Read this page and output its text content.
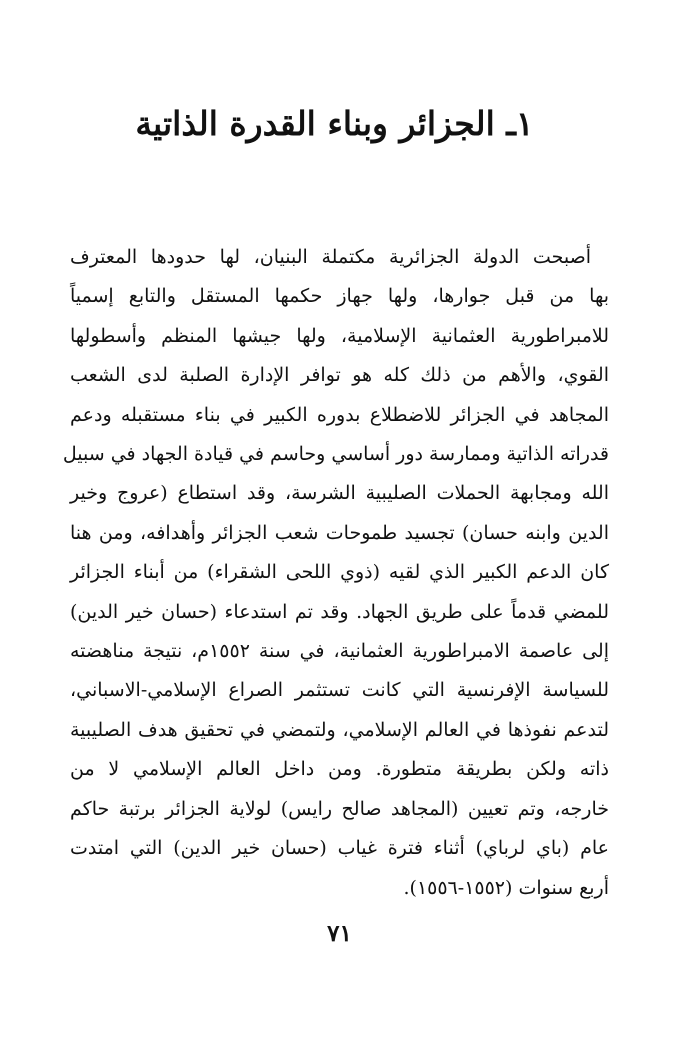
١ـ الجزائر وبناء القدرة الذاتية
أصبحت الدولة الجزائرية مكتملة البنيان، لها حدودها المعترف
بها من قبل جوارها، ولها جهاز حكمها المستقل والتابع إسمياً
للامبراطورية العثمانية الإسلامية، ولها جيشها المنظم وأسطولها
القوي، والأهم من ذلك كله هو توافر الإدارة الصلبة لدى الشعب
المجاهد في الجزائر للاضطلاع بدوره الكبير في بناء مستقبله ودعم
قدراته الذاتية وممارسة دور أساسي وحاسم في قيادة الجهاد في سبيل
الله ومجابهة الحملات الصليبية الشرسة، وقد استطاع (عروج وخير
الدين وابنه حسان) تجسيد طموحات شعب الجزائر وأهدافه، ومن هنا
كان الدعم الكبير الذي لقيه (ذوي اللحى الشقراء) من أبناء الجزائر
للمضي قدماً على طريق الجهاد. وقد تم استدعاء (حسان خير الدين)
إلى عاصمة الامبراطورية العثمانية، في سنة ١٥٥٢م، نتيجة مناهضته
للسياسة الإفرنسية التي كانت تستثمر الصراع الإسلامي-الاسباني،
لتدعم نفوذها في العالم الإسلامي، ولتمضي في تحقيق هدف الصليبية
ذاته ولكن بطريقة متطورة. ومن داخل العالم الإسلامي لا من
خارجه، وتم تعيين (المجاهد صالح رايس) لولاية الجزائر برتبة حاكم
عام (باي لرباي) أثناء فترة غياب (حسان خير الدين) التي امتدت
أربع سنوات (١٥٥٢-١٥٥٦).
٧١
